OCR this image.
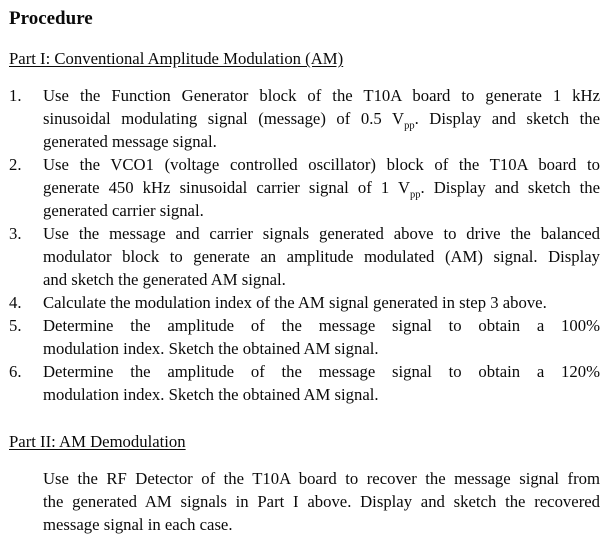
Procedure
Part I: Conventional Amplitude Modulation (AM)
1.	Use the Function Generator block of the T10A board to generate 1 kHz
sinusoidal modulating signal (message) of 0.5 $V_{pp}$. Display and sketch the
generated message signal.
2.	Use the VCO1 (voltage controlled oscillator) block of the T10A board to
generate 450 kHz sinusoidal carrier signal of 1 $V_{pp}$. Display and sketch the
generated carrier signal.
3.	Use the message and carrier signals generated above to drive the balanced
modulator block to generate an amplitude modulated (AM) signal. Display
and sketch the generated AM signal.
4.	Calculate the modulation index of the AM signal generated in step 3 above.
5.	Determine the amplitude of the message signal to obtain a 100%
modulation index. Sketch the obtained AM signal.
6.	Determine the amplitude of the message signal to obtain a 120%
modulation index. Sketch the obtained AM signal.
Part II: AM Demodulation
Use the RF Detector of the T10A board to recover the message signal from
the generated AM signals in Part I above. Display and sketch the recovered
message signal in each case.
